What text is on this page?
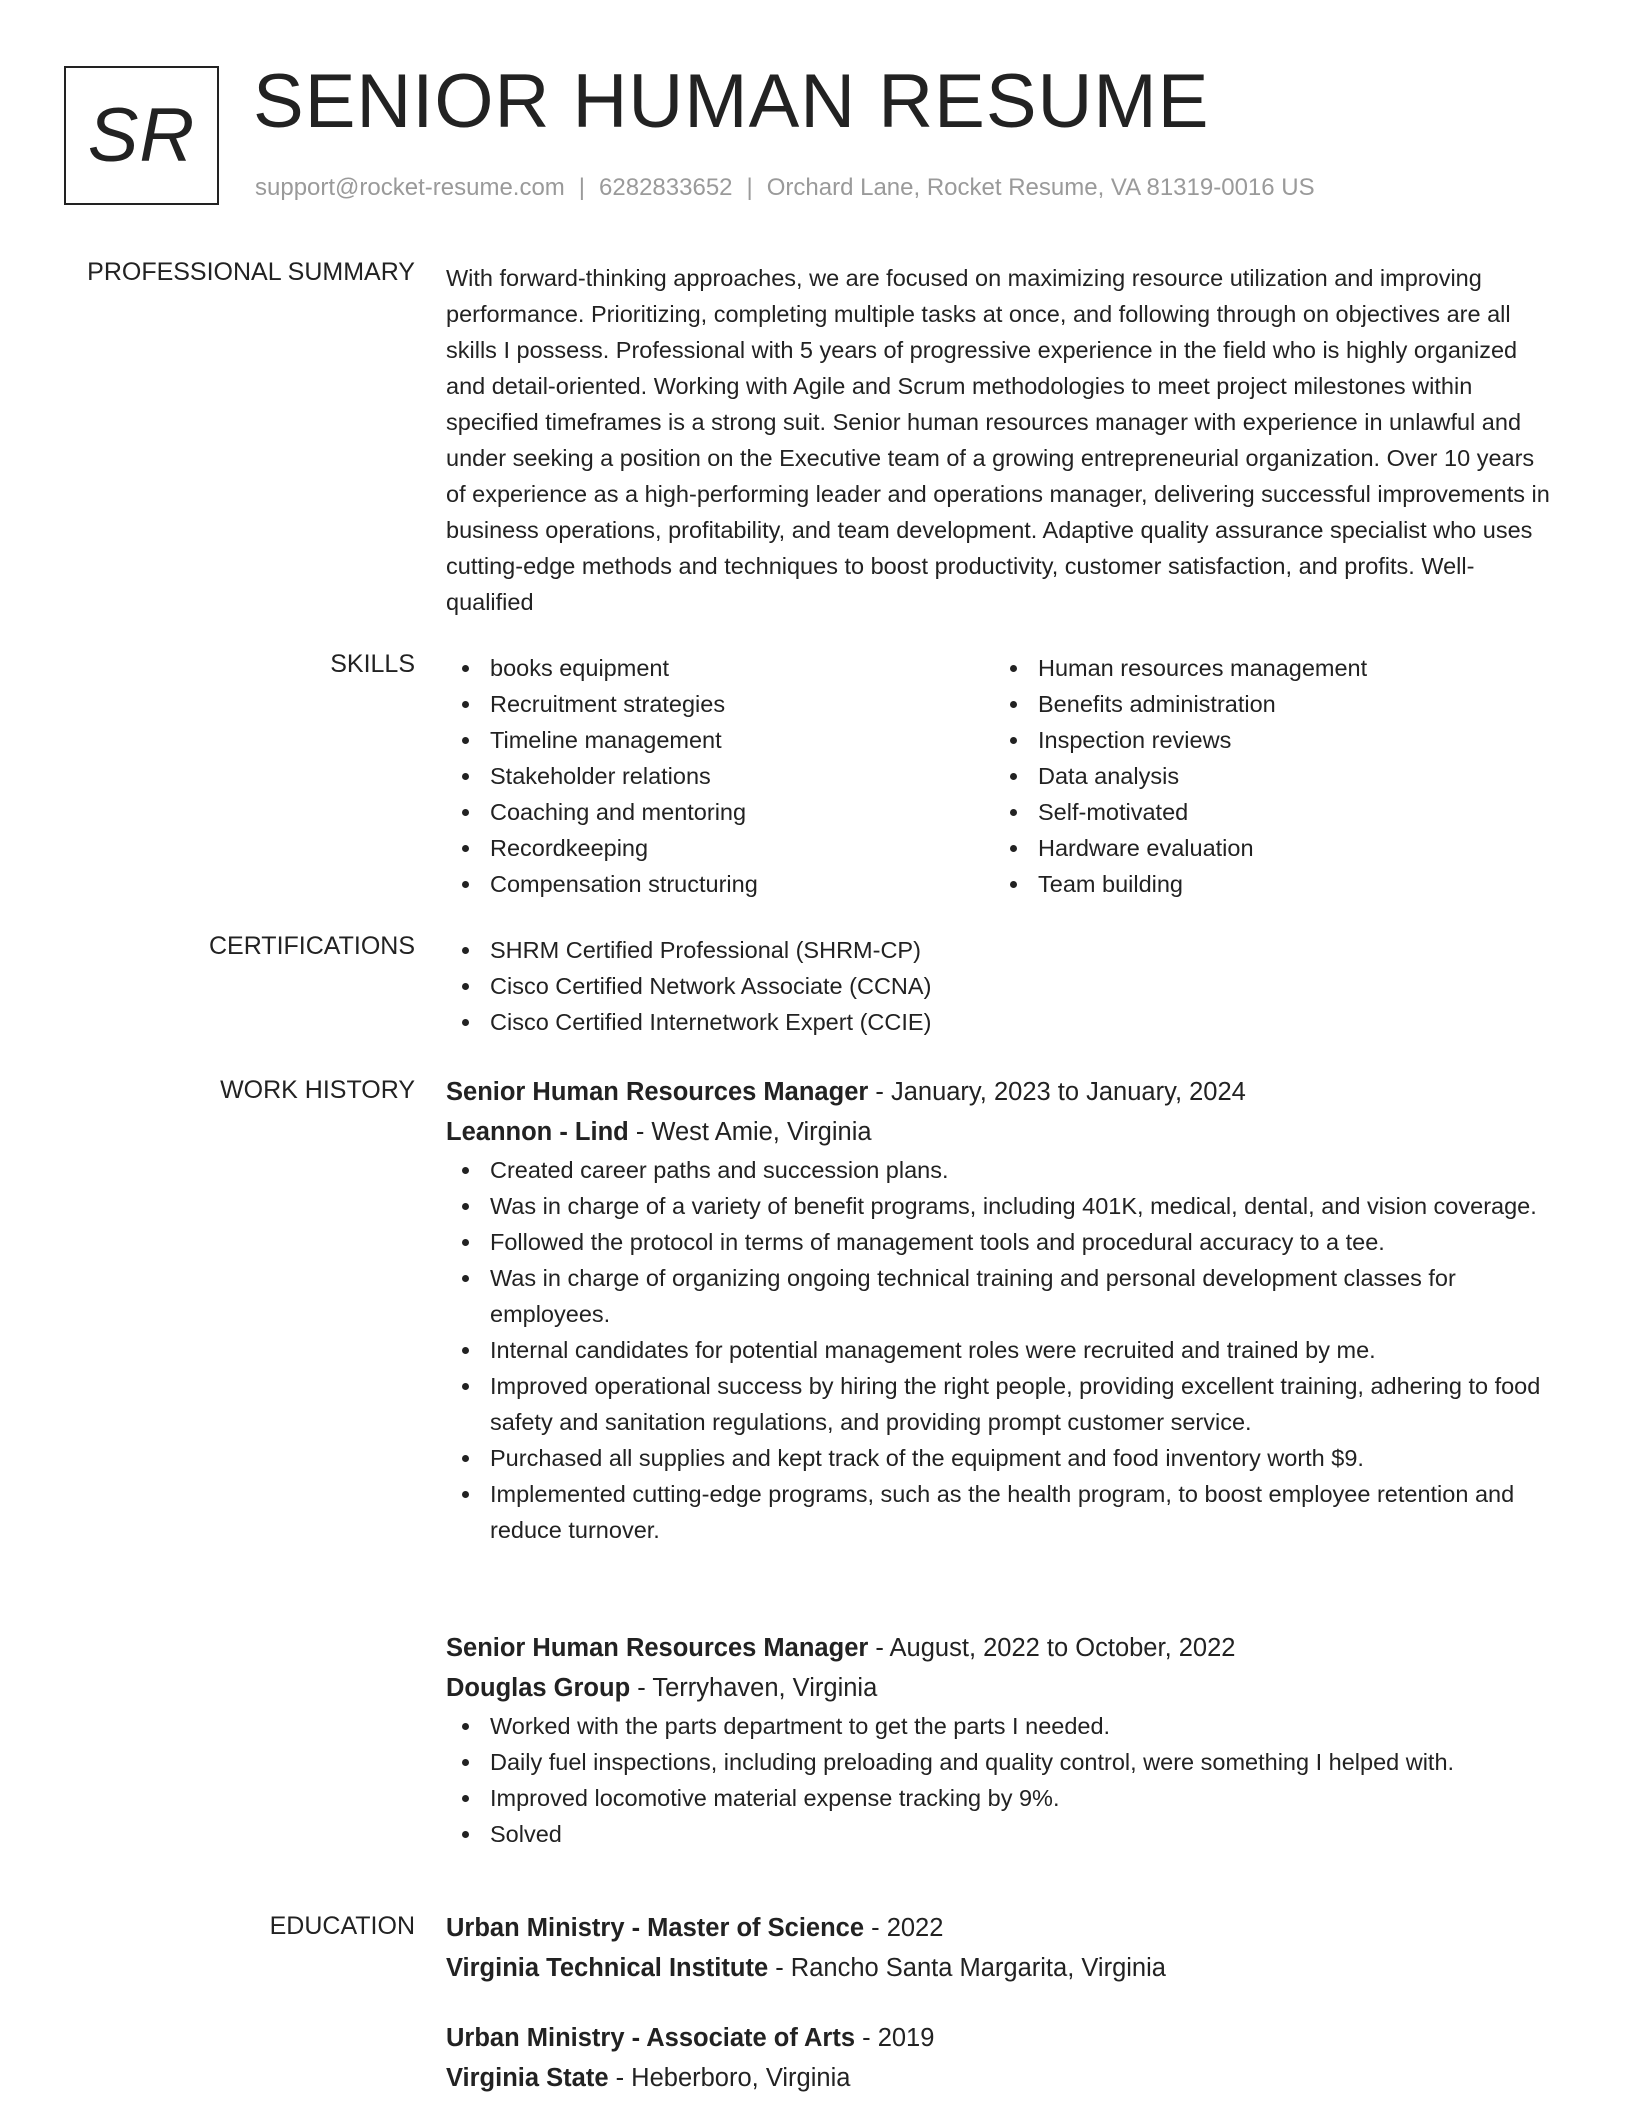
SR SENIOR HUMAN RESUME
support@rocket-resume.com | 6282833652 | Orchard Lane, Rocket Resume, VA 81319-0016 US
PROFESSIONAL SUMMARY With forward-thinking approaches, we are focused on maximizing resource utilization and improving performance. Prioritizing, completing multiple tasks at once, and following through on objectives are all skills I possess. Professional with 5 years of progressive experience in the field who is highly organized and detail-oriented. Working with Agile and Scrum methodologies to meet project milestones within specified timeframes is a strong suit. Senior human resources manager with experience in unlawful and under seeking a position on the Executive team of a growing entrepreneurial organization. Over 10 years of experience as a high-performing leader and operations manager, delivering successful improvements in business operations, profitability, and team development. Adaptive quality assurance specialist who uses cutting-edge methods and techniques to boost productivity, customer satisfaction, and profits. Well-qualified

SKILLS	books equipment
Recruitment strategies
Timeline management
Stakeholder relations
Coaching and mentoring
Recordkeeping
Compensation structuring
Human resources management
Benefits administration
Inspection reviews
Data analysis
Self-motivated
Hardware evaluation
Team building
CERTIFICATIONS	SHRM Certified Professional (SHRM-CP)
Cisco Certified Network Associate (CCNA)
Cisco Certified Internetwork Expert (CCIE)
WORK HISTORY Senior Human Resources Manager - January, 2023 to January, 2024
Leannon - Lind - West Amie, Virginia
Created career paths and succession plans.
Was in charge of a variety of benefit programs, including 401K, medical, dental, and vision coverage.
Followed the protocol in terms of management tools and procedural accuracy to a tee.
Was in charge of organizing ongoing technical training and personal development classes for employees.
Internal candidates for potential management roles were recruited and trained by me.
Improved operational success by hiring the right people, providing excellent training, adhering to food safety and sanitation regulations, and providing prompt customer service.
Purchased all supplies and kept track of the equipment and food inventory worth $9.
Implemented cutting-edge programs, such as the health program, to boost employee retention and reduce turnover.
Senior Human Resources Manager - August, 2022 to October, 2022
Douglas Group - Terryhaven, Virginia
Worked with the parts department to get the parts I needed.
Daily fuel inspections, including preloading and quality control, were something I helped with.
Improved locomotive material expense tracking by 9%.
Solved
EDUCATION Urban Ministry - Master of Science - 2022
Virginia Technical Institute - Rancho Santa Margarita, Virginia
Urban Ministry - Associate of Arts - 2019
Virginia State - Heberboro, Virginia
